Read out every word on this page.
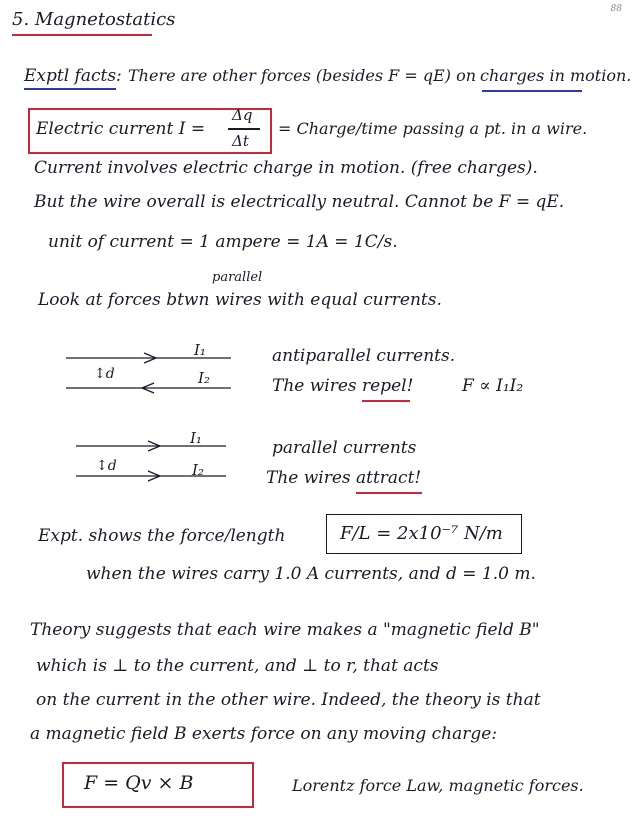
88
5. Magnetostatics
Exptl facts: There are other forces (besides F = qE) on charges in motion.
Electric current I =
Δq
Δt
= Charge/time passing a pt. in a wire.
Current involves electric charge in motion. (free charges).
But the wire overall is electrically neutral. Cannot be F = qE.
unit of current = 1 ampere = 1A = 1C/s.
parallel
Look at forces btwn wires with equal currents.
I₁
I₂
↕d
antiparallel currents.
The wires repel!	F ∝ I₁I₂
I₁
I₂
↕d
parallel currents
The wires attract!
Expt. shows the force/length	F/L = 2x10⁻⁷ N/m
when the wires carry 1.0 A currents, and d = 1.0 m.
Theory suggests that each wire makes a "magnetic field B"
which is ⊥ to the current, and ⊥ to r, that acts
on the current in the other wire. Indeed, the theory is that
a magnetic field B exerts force on any moving charge:
F = Qv × B	Lorentz force Law, magnetic forces.
